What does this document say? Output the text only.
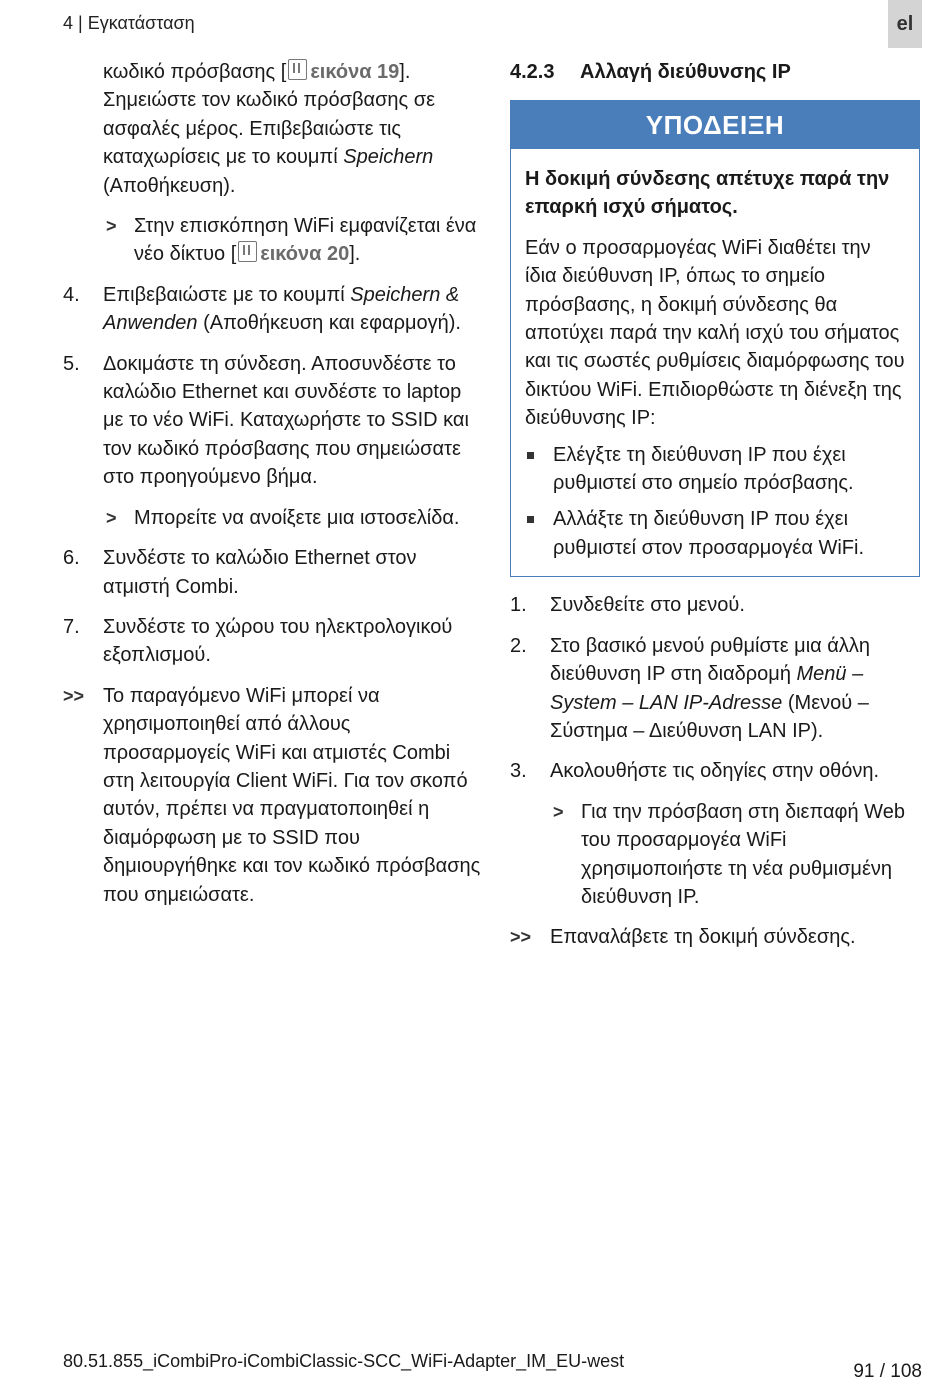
4 | Εγκατάσταση	el

κωδικό πρόσβασης [ εικόνα 19]. Σημειώστε τον κωδικό πρόσβασης σε ασφαλές μέρος. Επιβεβαιώστε τις καταχωρίσεις με το κουμπί Speichern (Αποθήκευση).

> Στην επισκόπηση WiFi εμφανίζεται ένα νέο δίκτυο [ εικόνα 20].
4. Επιβεβαιώστε με το κουμπί Speichern & Anwenden (Αποθήκευση και εφαρμογή).
5. Δοκιμάστε τη σύνδεση. Αποσυνδέστε το καλώδιο Ethernet και συνδέστε το laptop με το νέο WiFi. Καταχωρήστε το SSID και τον κωδικό πρόσβασης που σημειώσατε στο προηγούμενο βήμα.
> Μπορείτε να ανοίξετε μια ιστοσελίδα.
6. Συνδέστε το καλώδιο Ethernet στον ατμιστή Combi.
7. Συνδέστε το χώρου του ηλεκτρολογικού εξοπλισμού.
>> Το παραγόμενο WiFi μπορεί να χρησιμοποιηθεί από άλλους προσαρμογείς WiFi και ατμιστές Combi στη λειτουργία Client WiFi. Για τον σκοπό αυτόν, πρέπει να πραγματοποιηθεί η διαμόρφωση με το SSID που δημιουργήθηκε και τον κωδικό πρόσβασης που σημειώσατε.
4.2.3 Αλλαγή διεύθυνσης IP
ΥΠΟΔΕΙΞΗ

Η δοκιμή σύνδεσης απέτυχε παρά την επαρκή ισχύ σήματος.

Εάν ο προσαρμογέας WiFi διαθέτει την ίδια διεύθυνση IP, όπως το σημείο πρόσβασης, η δοκιμή σύνδεσης θα αποτύχει παρά την καλή ισχύ του σήματος και τις σωστές ρυθμίσεις διαμόρφωσης του δικτύου WiFi. Επιδιορθώστε τη διένεξη της διεύθυνσης IP:

Ελέγξτε τη διεύθυνση IP που έχει ρυθμιστεί στο σημείο πρόσβασης.
Αλλάξτε τη διεύθυνση IP που έχει ρυθμιστεί στον προσαρμογέα WiFi.
1. Συνδεθείτε στο μενού.
2. Στο βασικό μενού ρυθμίστε μια άλλη διεύθυνση IP στη διαδρομή Menü – System – LAN IP-Adresse (Μενού – Σύστημα – Διεύθυνση LAN IP).
3. Ακολουθήστε τις οδηγίες στην οθόνη.
> Για την πρόσβαση στη διεπαφή Web του προσαρμογέα WiFi χρησιμοποιήστε τη νέα ρυθμισμένη διεύθυνση IP.
>> Επαναλάβετε τη δοκιμή σύνδεσης.
80.51.855_iCombiPro-iCombiClassic-SCC_WiFi-Adapter_IM_EU-west	91 / 108
